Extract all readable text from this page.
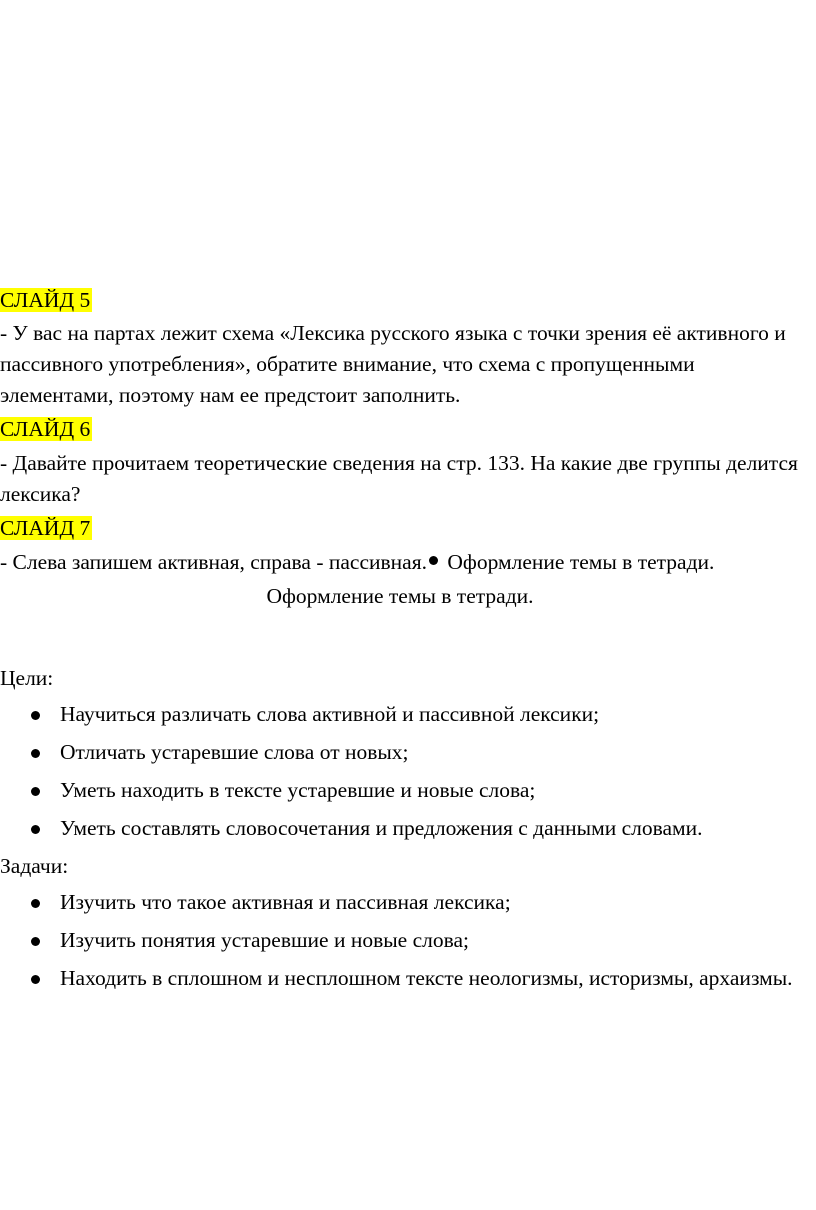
СЛАЙД 5

- У вас на партах лежит схема «Лексика русского языка с точки зрения её активного и пассивного употребления», обратите внимание, что схема с пропущенными элементами, поэтому нам ее предстоит заполнить.

СЛАЙД 6

- Давайте прочитаем теоретические сведения на стр. 133. На какие две группы делится лексика?

СЛАЙД 7

- Слева запишем активная, справа - пассивная. Оформление темы в тетради.

Оформление темы в тетради.

Цели:

Научиться различать слова активной и пассивной лексики;
Отличать устаревшие слова от новых;
Уметь находить в тексте устаревшие и новые слова;
Уметь составлять словосочетания и предложения с данными словами.

Задачи:

Изучить что такое активная и пассивная лексика;
Изучить понятия устаревшие и новые слова;
Находить в сплошном и несплошном тексте неологизмы, историзмы, архаизмы.
